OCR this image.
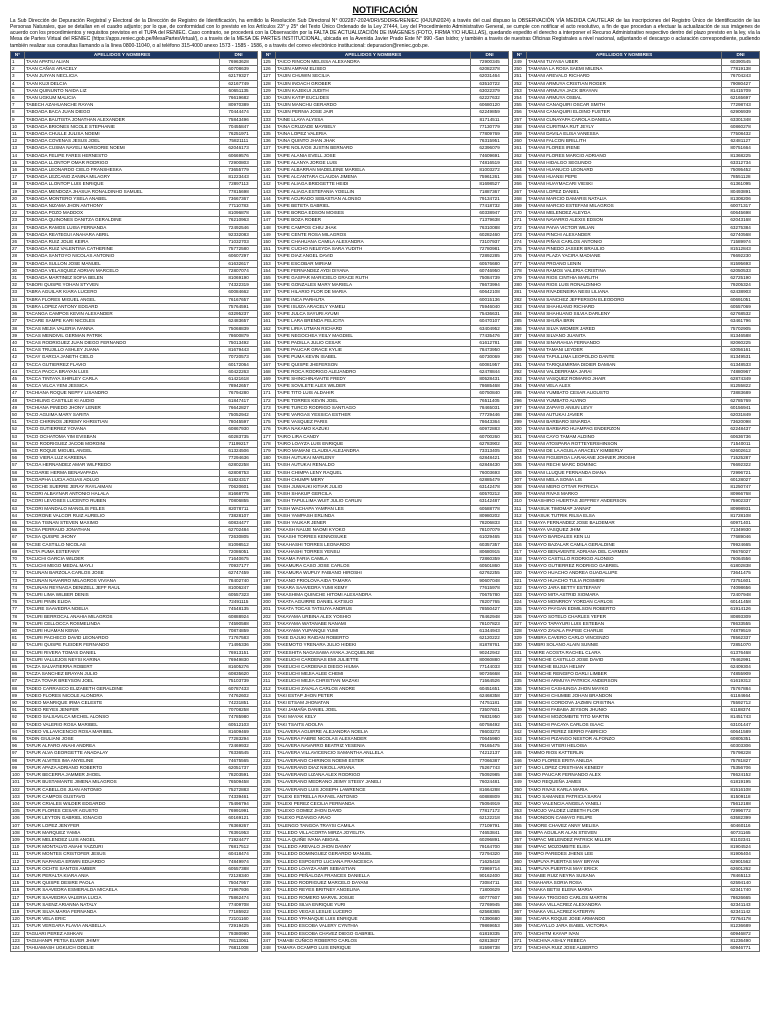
NOTIFICACIÓN
La Sub Dirección de Depuración Registral y Electoral de la Dirección de Registro de Identificación, ha emitido la Resolución Sub Directoral N° 002287-2024/DRI/SDDRE/RENIEC (04JUN2024) a través del cual dispuso la OBSERVACIÓN VÍA MEDIDA CAUTELAR de las inscripciones del Registro Único de Identificación de las Personas Naturales, que se detallan en el cuadro adjunto; por lo que, de conformidad con lo previsto en los Artículos 23° y 25° del Texto Único Ordenado de la Ley 27444, Ley del Procedimiento Administrativo General, se cumple con notificar el acto resolutivo, a fin de que procedan a efectuar la actualización de sus imágenes de acuerdo con los procedimientos y requisitos previstos en el TUPA del RENIEC. Caso contrario, se procederá con la Observación por la FALTA DE ACTUALIZACIÓN DE IMÁGENES (FOTO, FIRMA Y/O HUELLAS), quedando expedito el derecho a interponer el Recurso Administrativo respectivo dentro del plazo previsto en la ley, vía la Mesa de Partes Virtual del RENIEC (https://apps.reniec.gob.pe/MesaPartesVirtual/), o a través de la MESA DE PARTES INSTITUCIONAL, ubicada en la Avenida Javier Prado Este N° 990 -San Isidro; y también a través de nuestras Oficinas Registrales a nivel nacional, adjuntando el descargo o aclaración correspondiente, pudiendo también realizar sus consultas llamando a la línea 0800-11040, o al teléfono 315-4000 anexo 1573 - 1585 - 1586, o a través del correo electrónico institucional: depuracion@reniec.gob.pe.
N°	APELLIDOS Y NOMBRES	DNI
1	TAAN APATIU ALIAN	76963628
2	TAAN CAÑAS ARACELY	60708639
3	TAAN JUIYAN NECLICIA	62179327
4	TAAN KUJI DELCIA	62167749
5	TAAN QUINUNTO NAIDA LIZ	60651135
6	TAAN UGKUM MALICIA	76619682
7	TABECH AZAHUANCHE RAYAN	80970389
8	TABOADA BACA JUAN DIEGO	70444474
9	TABOADA BAUTISTA JONATHAN ALEXANDER	75843496
10	TABOADA BRIONES NICOLE STEPHANIE	70455847
11	TABOADA CHULLE JULISA NOEMI	76251971
12	TABOADA COVENAS JESUS JOEL	75821111
13	TABOADA CUSMA NAYELI MARGORIE NOEMI	62046173
14	TABOADA FELIPE FARES HERNESTO	60669576
15	TABOADA LLONTOP OMAR RODRIGO	72900803
16	TABOADA LEONARDO CIELO FRANSHESKA	73655779
17	TABOADA LEZCANO ZANINA MILAGRY	81223443
18	TABOADA LLONTOP LUIS ENRIQUE	72897113
19	TABOADA MENDOZA JHASUA RONALDINHO SAMUEL	77815698
20	TABOADA MONTERO YSELA ANABEL	73667367
21	TABOADA NIZAMA JHON ANTHONY	77110783
22	TABOADA POZO MADDOX	81096878
23	TABOADA QUINONES DANITZA GERALDINE	76210963
24	TABOADA RAMOS LUISA FERNANDA	72492546
25	TABOADA REATEGUI ANAHARA ABRIL	92332083
26	TABOADA RUIZ JOLIE KEIRA	71032703
27	TABOADA RUIZ VALENTINA CATHERINE	75772580
28	TABOADA SANTOYO NICOLAS ANTONIO	60607297
29	TABOADA SULLON JOSE MANUEL	61632617
30	TABOADA VELASQUEZ ADRIAN MARCELO	72807074
31	TABOADA MARTINEZ SOFIA BELEN	81069190
32	TABORI QUISPE YOHAN STYVEN	74322319
33	TABRA AGUILAR KIARA LUCERO	60084662
34	TABRA FLORES MIGUEL ANGEL	76167657
35	TABRA LOPEZ ANTONY EDGARD	75764591
36	TACANGA CAMPOS KEVIN ALEXANDER	63295237
37	TACARE SAMPE KARI NICOLES	62483657
38	TACAS MEJIA VALERIA IVANNA	75068839
39	TACAS MENDIVIL GERMAN PATRIK	78600879
40	TACAS RODRIGUEZ JUAN DIEGO FERNANDO	75013492
41	TACAS TRUJILLO ASHLEY JUANA	81679443
42	TACAY GARCIA JANETH CIELO	70720573
43	TACCA GUTIERREZ FLAVIO	60172064
44	TACCA PACCA BRAYAN LUIS	60422263
45	TACCA TINTAYA SHIRLEY CARLA	61421618
46	TACCA VILCA YENI JESSICA	78942657
47	TACHIANA ROQUE NEPFY LISANDRO	76794280
48	TACHILING CASTILLE KI AUDIO	61847417
49	TACHIANA PINEDO JHONY LENER	76642827
50	TACO AGUIMA MARY SARITA	75052942
51	TACO CHIRINOS JEREMY KHRISTIAN	78045597
52	TACO GUTIERREZ YOVANA	60867930
53	TACO OCHATOMA YIM EVISBAN	60283735
54	TACO RODRIGUEZ JACOB MOROINI	71199217
55	TACO ROQUE MIGUEL ANGEL	61324506
56	TACO VIERA LUZ KAREENA	77294636
57	TACOA HERNANDEZ AMAR WILFREDO	62802258
58	TACOARIE HERMA BENAVAPADA	62808753
59	TACOAPHA LUCIA AGUAS ADLUO	61824317
60	TACOCHE SUERRE JERAY RAYLAIMAN	70620601
61	TACORI ALBAYNAR ANTONIO HALALA	81668775
62	TACORI LEVOSES LUCENTO RUBEN	70806855
63	TACORI MANDALO MANGLIS FELES	82078711
64	TACORONE VALCOR RUIZ AURELIO	73828107
65	TACSA TISNAN STEVEN MAXIMO	60834477
66	TACSA PERRAUD JONATHAN	62702484
67	TACSA QUISPE JHONY	72630805
68	TACSE CASTILLO NICOLAS	81098512
69	TACTA PUMA ESTEFANY	72086051
70	TACUCHI GARCIA WILDER	71640675
71	TACUCHI MEGO MEDAL MAYLI	70937177
72	TACUNAN BARZOLA CARLOS JOSE	62747459
73	TACUNAN NAVARRO MILAGROS VIVIANA	78402740
74	TACUNAN REYNAGA DENIZELL JEFF RAUL	81006247
75	TACURI LIMA WILBER DENIS	60557323
76	TACURI PININ ELIDA	72491115
77	TACURE SAAVEDRA NOELIA	74548135
78	TACURI BERROCAL ANAHIA MILAGROS	60888924
79	TACURI CELLOCCA ROSMELINDA	74590588
80	TACURI HUAMAN KENIA	70874859
81	TACURI PACHECO DAVID LEONARDO	71767583
82	TACURI QUISPE FLEIDER FERNANDO	71495336
83	TACURI RIVERA TOMAS DANIEL	76913151
84	TACURI VALLEJOS NEYSI KARINA	76949830
85	TACZA SALVATIERRA ROBERT	81605276
86	TACZA SANCHEZ BRAYAN JULIO	60835620
87	TACZA TOVAR BREYSON JOEL	75103739
88	TADEO CARRASCO ELIZABETH GERALDINE	60787433
89	TADEO FLORES NICOLE ALONDRA	74762602
90	TADEO MANRIQUE IRMA CELESTE	74231851
91	TADEO REYES JENIFER	70708258
92	TADEO SALSAVILCA MICHEL ALONSO	74785980
93	TADEO VALERIO ROSA MARIBEL	60512103
94	TADEO VILLAVICENCIO ROSA MARIBEL	81609469
95	TADIN GIULIANI JOSE	77283294
96	TAFUR ALFARO ANAHI ANDREA	72469932
97	TAFUR ALVA GEORGETTE ANADALAY	76336545
98	TAFUR ALVITES IMA ANYELINE	74675565
99	TAFUR APAZA ADRIANO ROBERTO	62051737
100	TAFUR BECERRA JAMMER JHOEL	78203591
101	TAFUR BUSTAMANTE JIMENA MILAGROS	76509458
102	TAFUR CABELLOS JUAN ANTONIO	75272883
103	TAFUR CAMPOS GUSTAVO	74339461
104	TAFUR CRIALES WILDER EDGARDO	75496794
105	TAFUR FLORES CESAR AGUSTO	76991991
106	TAFUR LEYTON GABRIEL IGNACIO	60169121
107	TAFUR LOPEZ JENYFER	76369267
108	TAFUR MARQUEZ YAMIA	76391953
109	TAFUR MELENDEZ LUIS ANGEL	71924477
110	TAFUR MONTALVO ANAHI YAZZURI	76817512
111	TAFUR MONTES CRISTOFER JESUS	60418474
112	TAFUR NAPANGA ERWIN EDUARDO	74849974
113	TAFUR OCHTE SANTOS AMBER	60557388
114	TAFUR PERALTA KIARA ANIA	72128340
115	TAFUR QUISPE DESIRE PAOLA	75047957
116	TAFUR SAAVEDRA ESMERALDA MICAELA	71967936
117	TAFUR SAAVEDRA VALERIA LUCIA	75862474
118	TAFUR SAENZ ARIANNA NATALY	77409708
119	TAFUR SILVA MARIA FERNANDA	77185922
120	TAFUR VELA ERIC	72101160
121	TAFUR VERGARA FLAVIA ANABELLA	72919425
122	TAGUARI PEREZ ASHKAN	79380990
123	TAGUHANPI PETSA ELVER JHIMY	78113061
124	TAHUAMASH UGKUCH ODELIE	76811008
N°	APELLIDOS Y NOMBRES	DNI
125	TAICO RINCON MELISSA ALEXANDRA	72900345
126	TAIJIN AMPAM ELISEO	62082378
127	TAIJIN CHUWIN SECILIA	62031464
128	TAIJIN INOACH GROBER	63510722
129	TAIJIN KAJEKUI JUDITH	63022379
130	TAIJIN KATIP EUCLIDES	62227632
131	TAIJIN MANCHU GERARDO	60680120
132	TAIJIN PERNIA JOSE JAIR	62249859
133	TAINE LLAYA ALYSSA	81714511
134	TAINA CRUZADE MAYBELY	77130779
135	TAINA LOPEZ VALERIA	77809769
136	TAINA QUINTO JHAN JHAK	76315951
137	TAIPE NOLIVOS JUSTIN BERNARD	62396079
138	TAIPE ALANIA EVELL JOSE	74609691
139	TAIPE ALANYA JORGE LUIS	74816519
140	TAIPE ALBARRAN MADELEINE MARIELA	81003272
141	TAIPE ALCANTARA CLAUDIA JIMENA	75961261
142	TAIPE ALIAGA BRIDGETTE HEIDI	81698527
143	TAIPE ALIAGA ESTEFANIA YOELLIN	71887367
144	TAIPE ACURADO SEBASTIAN ALONSO	79134721
145	TAIPE BETETA GABRIEL	77418732
146	TAIPE BORDA EDSON MOISES	60338947
147	TAIPE BOZA ROBER	71379638
148	TAIPE CAMPOS CHIU JHAK	76310088
149	TAIPE CENTE ROSA MILAGROS	60282460
150	TAIPE CHAHUANA CAMILA ALEXANDRA	73107937
151	TAIPE CUCHO NELEYDA SARA YUDITH	72780981
152	TAIPE DIAZ ANGEL DAVID	72892285
153	TAIPE ESCOBAR MIRIAM	60576680
154	TAIPE FERNANDEZ AYDI DIYANA	60746950
155	TAIPE GASPAR MARICIELO GRACE RUTH	75084739
156	TAIPE GONZALES MARY MARIELA	78673994
157	TAIPE HILARIO FLOR DE MARIA	60642108
158	TAIPE INCA PARHUTA	60015136
159	TAIPE ISUIZA ARACELY YAMELI	75946040
160	TAIPE JULCA SAYURI AYUMI	75436631
161	TAIPE LARA BRENDA FELICITA	60470107
162	TAIPE LIRIA UTMAN RICHARD	63404952
163	TAIPE NEGOCHEA YEILY MAGDIEL	77435476
164	TAIPE PADILLA JULIO CESAR	61612781
165	TAIPE PAUCAR GRACE KYLIE	78473950
166	TAIPE PUMA KEVIN ISABEL	60730069
167	TAIPE QUISPE JHEFERSON	60081957
168	TAIPE ROCA RODRIGO ALEJANDRO	62478844
169	TAIPE SHINCHINAVAITE FREDY	80528431
170	TAIPE SOVILETE ALEX WILDER	78685468
171	TAIPE TITO LUIS ALDAHIR	60750840
172	TAIPE TORRES KEVIN JOEL	76511405
173	TAIPE TURCO RODRIGO SANTIAGO	78465031
174	TAIPE VARGAS YESSICA ESTHER	77729446
175	TAIPE VASQUEZ PARIS	78643364
176	TAIRA NAKAMO KAZUKI	60972883
177	TAIRO LIRA CANDY	60700260
178	TAIRO LOAYZA LUIS ENRIQUE	62783902
179	TAIRO MAMANI CLAUDIA ALEJANDRA	73313405
180	TAISH AUTUKAI MARLENY	62848421
181	TAISH AUTUKAI RENALDO	62848430
182	TAISH CHIMPA LENY RAQUEL	76003693
183	TAISH CHUMPI MERY	62885479
184	TAISH JUWAUKI KITIAR JULIO	63142478
185	TAISH SHAKUP GERCILA	60570212
186	TAISH TAPULLIMA WUIT JULIO CARLIN	63142487
187	TAISH WACHAPA YAMPAN LES	60588778
188	TAISH YAMPASH ERLINDA	80980202
189	TAISH YAUKAR JENER	78206833
190	TAKASH NAUJE NAOMI KYOKO	78107079
191	TAKASHI TORRES KENNOSUKE	61029465
192	TAKAHASHI TORRES LEONARDO	60357357
193	TAKAHASHI TORRES YENSU	80680915
194	TAKAMA FARIA CAMILA	72860359
195	TAKAMURA CASO JOSE CARLOS	60501860
196	TAKAMURA WUPUY FABIANO HIROSHI	62762255
197	TAKANO FRIOLOVA AIDA TAMARA	90607048
198	TAKARA SAAVEDRA YUMI KEMY	77615978
199	TAKASHIMA QUINCHE HITOMI ALEXANDRA	70675780
200	TAKATA AGUIRRE DANIEL KATSUO	78207765
201	TAKATA TOCAS TATSUYA ANDRUS	78550427
202	TAKAYAMA URBINA ALEX YOSHIO	78462948
203	TAKAYAMA WATANABE NANAMI	78107823
204	TAKAYAMA YUPANQUI YUMI	61344943
205	TAKE DAJUKI RAIDAN ROBERTO	62120222
206	TAKEMOTO YRENARA JULIO HIDEKI	81878761
207	TAKESHITA NAGASAWA AYAKA JACQUELINE	90242942
208	TAKEUCHI CARDENAS EMI JULIETTE	80060880
209	TAKEUCHI CARDENAS DIEGO HIUMA	77144033
210	TAKEUCHI MEJIA ALEE CHEMI	90726668
211	TAKEUCHI MEJIA CHRISTIAN MAZAKI	71564526
212	TAKEUCHI ZAVALA CARLOS ANDRE	60451651
213	TAKI ESTAP JHON PETER	62468358
214	TAKI ETSAM JHONATAN	74751181
215	TAKI JAMAÑA DANIEL JOEL	73507601
216	TAKI MAYAK KELY	76831950
217	TAKI TSAITS ADOLFA	60758492
218	TALAVERA AGUIRRE ALEJANDRA NOELIA	78603273
219	TALAVERA FABRE NICOLAS ALEXANDER	70645980
220	TALAVERA NAVARRO BEATRIZ YESENIA	79165475
221	TALAVERA VILLAVICENCIO SAMANTHA ANLLELA	74212137
222	TALAVERANO CHIRINOS NOEMI ESTER	77066387
223	TALAVERANO DIAZ NIKOLL ARIANA	75267743
224	TALAVERANO LIZANA ALEX RODRIGO	75092985
225	TALAVERANO MEDRANO JEIMY STEISY JANELI	76024481
226	TALAVERANO LUIS JOSEPH LAWRENCE	81664288
227	TALEXI ESTRELLA RAFAEL ANTONIO	60888809
228	TALEXI PEREZ CECILIA FERNANDA	75094919
229	TALEXO GOMEZ JHON DAVID	77817172
230	TALEXO PIZANGO ARAO	62122218
231	TALENGO TANGOA TRAYSI CAMILA	77109791
232	TALLEDO VILLACORTA MIRZA JOYELITA	74653841
233	TALLA QUIÑE IVANA ABIGAIL	60296891
234	TALLEDO AREVALO JHON DANNY	79164700
235	TALLEDO DOMINGUEZ GERARDO MANUEL	72794320
236	TALLEDO ESPOSITO LUCIANA FRANCESCA	71625418
237	TALLEDO LOAYZA ANIR SEBASTIAN	73969714
238	TALLEDO PEÑALOZA FRANCES DANIELLA	90162400
239	TALLEDO RODRIGUEZ MARCELO DAYANI	73084711
240	TALLEDO REYES BRITNEY ANGELINA	71800629
241	TALLEDO ROMERO MARVIL JOSUE	60777607
242	TALLEDO SILVA ENRIQUE YURI	72769945
243	TALLEDO VEGAS LESLIE LUCERO	62568365
244	TALLEDO YPANAQUE LUIS ENRIQUE	74390680
245	TALLEDO ESCOBA VALERY CYNTHIA	79869653
246	TALLEDO ESCOBA CHAVEZ DIEGO GABRIEL	61819335
247	TAMABI CUÑICO ROBERTO CARLOS	62813837
248	TAMARA OCAMPO LUIS ENRIQUE	81598738
N°	APELLIDOS Y NOMBRES	DNI
249	TAMANI TUYASA UBER	60390545
250	TAMANIA LA ROSA SAEMI MILENA	77819138
251	TAMANI AREVALO RICHARD	76704243
252	TAMANI ARMUYA CRISTIAN ROGER	79080427
253	TAMANI ARMUYA JACK BRAYAN	81415709
254	TAMANI ARMUYA OSBAL	62165697
255	TAMANI CANAQUIRI OSCAR SMITH	77298743
256	TAMANI CANAQUIRI ELOINO FUSTER	62906939
257	TAMANI CUNAYAPA CAROLA DANIELA	63301348
258	TAMANI CURITIMA RUT JEYLY	60860278
259	TAMANI DAVILA ELISA VANESSA	77508432
260	TAMANI FALCON BRILLITH	62481127
261	TAMANI FLORES IRENE	80751664
262	TAMANI FLORES MARCIO ADRIANO	81368225
263	TAMANI HIDALGO SEGUNDO	63312734
264	TAMANI HUANUCO LEONARD	75095452
265	TAMANI HUANSI PEPE	78551128
266	TAMANI HUAYMACARI VIESKI	61361095
267	TAMANI LOPEZ DANIEL	80493891
268	TAMANI MARCIO DAMARIS NATALIA	81308206
269	TAMANI MARCIO ESTEFANI MILAGROS	60071317
270	TAMANI MELENDEZ ALEYDA	60645698
271	TAMANI NAVARRO ALEXIS EDSON	62043168
272	TAMANI PAIVA VICTOR WILIAN	63275384
273	TAMANI PINCHI ALEXANDER	62740568
274	TAMANI PIÑAS CARLOS ANTONIO	71589974
275	TAMANI PINEDO JASSER BRAULIO	81512843
276	TAMANI PLAZA YACIRA MADIANE	76692230
277	TAMANI PROANO LENIN	81595693
278	TAMANI RAMOS VALERIA CRISTINA	62050533
279	TAMANI RIOS CINTHIA MARLITH	62725190
280	TAMANI RIOS LUIS RONALDINHO	79205324
281	TAMANI RIVADENEIRA NEISI LILIANA	62438903
282	TAMANI SANCHEZ JEFFERSON ELEODORO	60691051
283	TAMANI SHAHUANO RICHARD	60557069
284	TAMANI SHAHUANO SILVIA DARLENY	62768532
285	TAMANI SHUÑA BRIN	63461796
286	TAMANI SILVA WIDMER JARED	75702905
287	TAMANI SILVANO JUANITA	81346588
288	TAMANI SINARAHUA FERNANDO	82060225
289	TAMANI TAMANI LEYDER	63056161
290	TAMANI TAPULLIMA LEOPOLDO DANTE	81349531
291	TAMANI TARIQUIMIRMA DIDIER DAMIAN	61348533
292	TAMANI VALDERRAMA JARAI	74880967
293	TAMANI VASQUEZ ROMARIO JHAIR	62874349
294	TAMANI VELA ALEX	81255822
295	TAMANI YUMBATO CESAR AUGUSTO	73883689
296	TAMANI YUMBATO ALVINO	62785769
297	TAMANI ZAPAYO ANIUN LEVY	60156941
298	TAMANI AUTUKAI JAVIER	62031849
299	TAMANI BARBARO SINARDA	73620098
300	TAMANI BARBARO HUAMPAG ENDERZON	62248437
301	TAMANI CAYO TAMAM ALDINO	60636736
302	TAMANI ATOSPARA ROTTEYERSHINSON	71540011
303	TAMANI DE LA AGUILA ARACELY KIMBERLY	62602612
304	TAMANI FIGUEROA LARAKANE JOHNER JRIOSHI	71525287
305	TAMANI RECHI MARC DOMINIC	76692322
306	TAMANI LLUQUE FERNANDA DIANA	72996721
307	TAMANI MELA SONIA LIS	60128027
308	TAMANI MERO OTTAR PATRICIA	81250747
309	TAMANI RIVAS MARKO	80966768
310	TAMASHIRO HUERTAS JEFFREY ANDERSON	75902337
311	TAMASUK TIMOMAP JANNAT	80998931
312	TAMASUK TUTRIK RILSA ELSA	81728108
313	TAMAYA FERNANDEZ JOSE BALDEMAR	60971401
314	TAMAYA VASQUEZ JHIM	71349930
315	TAMAYO BARDALES KEN LU	77689046
316	TAMAYO BAZALAR CAMILA GERALDINE	79924665
317	TAMAYO BENAVENTE ADRIANA DEL CARMEN	78676027
318	TAMAYO CASTILLO RODRIGO ALONSO	76064556
319	TAMAYO GUTIERREZ RODRIGO GABRIEL	61802838
320	TAMAYO HUACHO ANDREA GUADALUPE	73641475
321	TAMAYO HUACHO TULIA ROSMERI	73751601
322	TAMAYO JARA BETTY ESTEFANY	74098656
323	TAMAYO MITA ASTRID XIOMARA	72407948
324	TAMAYO MONRROY YORDAN CARLOS	60141458
325	TAMAYO PAYGAN EDMILSON ROBERTO	61914126
326	TAMAYO SOTELO CHARLES YEFER	80893309
327	TAMAYO TAPAYURI LUIS ESTEBAN	78633555
328	TAMAYO ZAVALA PAPISE CHARLIE	74879519
329	TAMBRA CAVERO CARLO VINCENZO	78562337
330	TAMBRI SOLANO ALAIN SUNNIE	72851070
331	TAMIRE ACOSTA RACHEL CLARA	61376468
332	TAMINCHE CASTILLO JOSE DAVID	79462991
333	TAMINCHE BUJIJA HELMY	62409304
334	TAMINCHE RENGIFO DARLI LIMBER	74855909
335	TAMINCHI ARMUYA PATRICK ANDERSON	61619312
336	TAMINCHI CASHUNGA JHON MAYKO	75767884
337	TAMINCHI CHUMBE JOHAN BRANDON	61184664
338	TAMINCHI CORDOVA JAZMIN CRISTINA	75592712
339	TAMINCHI FABABA JEYSON JHUNIO	61188374
340	TAMINCHI MOZOMBITE TITO MARTIN	81451743
341	TAMINCHI PACAYA CARLOS ISAAC	63101447
342	TAMINCHI PEREZ SERRO FABRICIO	60641589
343	TAMINCHI PIZANGO NESTOR ALFONZO	60805351
344	TAMINCHI VITERI HELOISA	60303306
345	TAMMO RIOS KATTERLIN	75798228
346	TAMO FLORES ERITA ANILDA	75781827
347	TAMO LOPEZ CRISTHIAN KENEDY	75356706
348	TAMO PAUCAR FERNANDO ALEX	78624152
349	TAMO REQUEÑA JAMES	61819195
350	TAMO RIVAS KARLA MARIA	81516108
351	TAMO SAMANES PATRICIA SARAI	81509118
352	TAMO VALENCIA ANGELA YANELI	75612188
353	TAMOJO VALDEZ LIZBETH FLOR	72996772
354	TAMONDON CAMAYO FELIPE	63582399
355	TAMORE CHAVEZ ANNY MELISA	60460116
356	TAMPA AGUILAR ALAN STEVEN	60731165
357	TAMPAC MELENDEZ PATRICK MILLER	81102341
358	TAMPAC MOZOMBITE ELISA	81904524
359	TAMPO PAREDES JHENS LEE	81906404
360	TAMPUYA PUERTAS MAY BRYAN	62901562
361	TAMPUYA PUERTAS MAY ERICK	62601262
362	TANABE RUIZ NEYRA SUSANA	78465113
363	TANAHARA SORIA ROSA	62594140
364	TANAKA BETSI ELENA MARIA	62341740
365	TANAKA TRIGOSO CARLOS MARTIN	78626665
366	TANAKA VILLACREZ ALEXANDRA	62341143
367	TANAKA VILLACREZ KATERYN	62341142
368	TANCARA ROQUE JOSE ARMANDO	72764178
369	TANCAYLLO JARA ISABEL VICTORIA	81236689
370	TANCHITM KAYAP IVAN	60946872
371	TANCHIVA ASHLY REBECA	81236490
372	TANCHIVA RUIZ JOSE ALBERTO	60946771
